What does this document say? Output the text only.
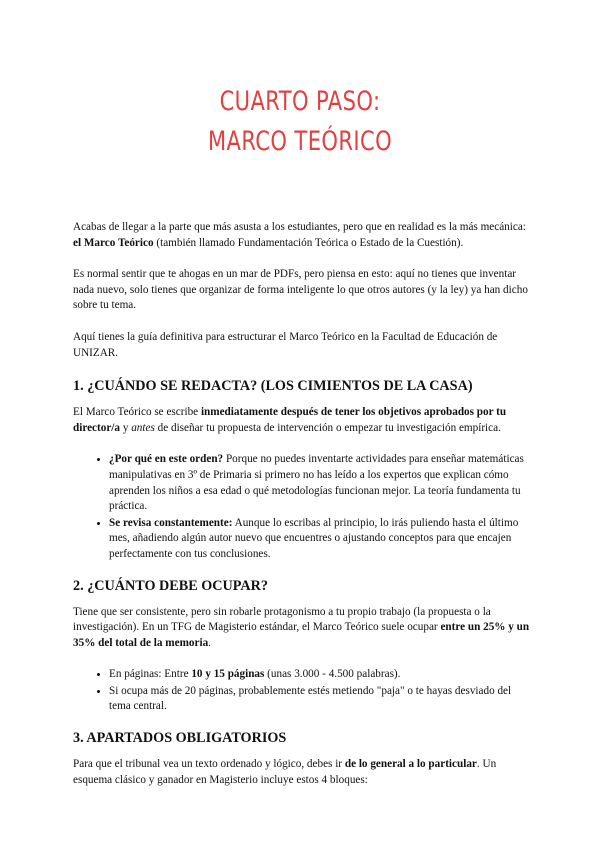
CUARTO PASO:
MARCO TEÓRICO

Acabas de llegar a la parte que más asusta a los estudiantes, pero que en realidad es la más mecánica: el Marco Teórico (también llamado Fundamentación Teórica o Estado de la Cuestión).

Es normal sentir que te ahogas en un mar de PDFs, pero piensa en esto: aquí no tienes que inventar nada nuevo, solo tienes que organizar de forma inteligente lo que otros autores (y la ley) ya han dicho sobre tu tema.

Aquí tienes la guía definitiva para estructurar el Marco Teórico en la Facultad de Educación de UNIZAR.

1. ¿CUÁNDO SE REDACTA? (LOS CIMIENTOS DE LA CASA)

El Marco Teórico se escribe inmediatamente después de tener los objetivos aprobados por tu director/a y antes de diseñar tu propuesta de intervención o empezar tu investigación empírica.

• ¿Por qué en este orden? Porque no puedes inventarte actividades para enseñar matemáticas manipulativas en 3º de Primaria si primero no has leído a los expertos que explican cómo aprenden los niños a esa edad o qué metodologías funcionan mejor. La teoría fundamenta tu práctica.
• Se revisa constantemente: Aunque lo escribas al principio, lo irás puliendo hasta el último mes, añadiendo algún autor nuevo que encuentres o ajustando conceptos para que encajen perfectamente con tus conclusiones.
2. ¿CUÁNTO DEBE OCUPAR?

Tiene que ser consistente, pero sin robarle protagonismo a tu propio trabajo (la propuesta o la investigación). En un TFG de Magisterio estándar, el Marco Teórico suele ocupar entre un 25% y un 35% del total de la memoria.

• En páginas: Entre 10 y 15 páginas (unas 3.000 - 4.500 palabras).
• Si ocupa más de 20 páginas, probablemente estés metiendo "paja" o te hayas desviado del tema central.
3. APARTADOS OBLIGATORIOS

Para que el tribunal vea un texto ordenado y lógico, debes ir de lo general a lo particular. Un esquema clásico y ganador en Magisterio incluye estos 4 bloques:
